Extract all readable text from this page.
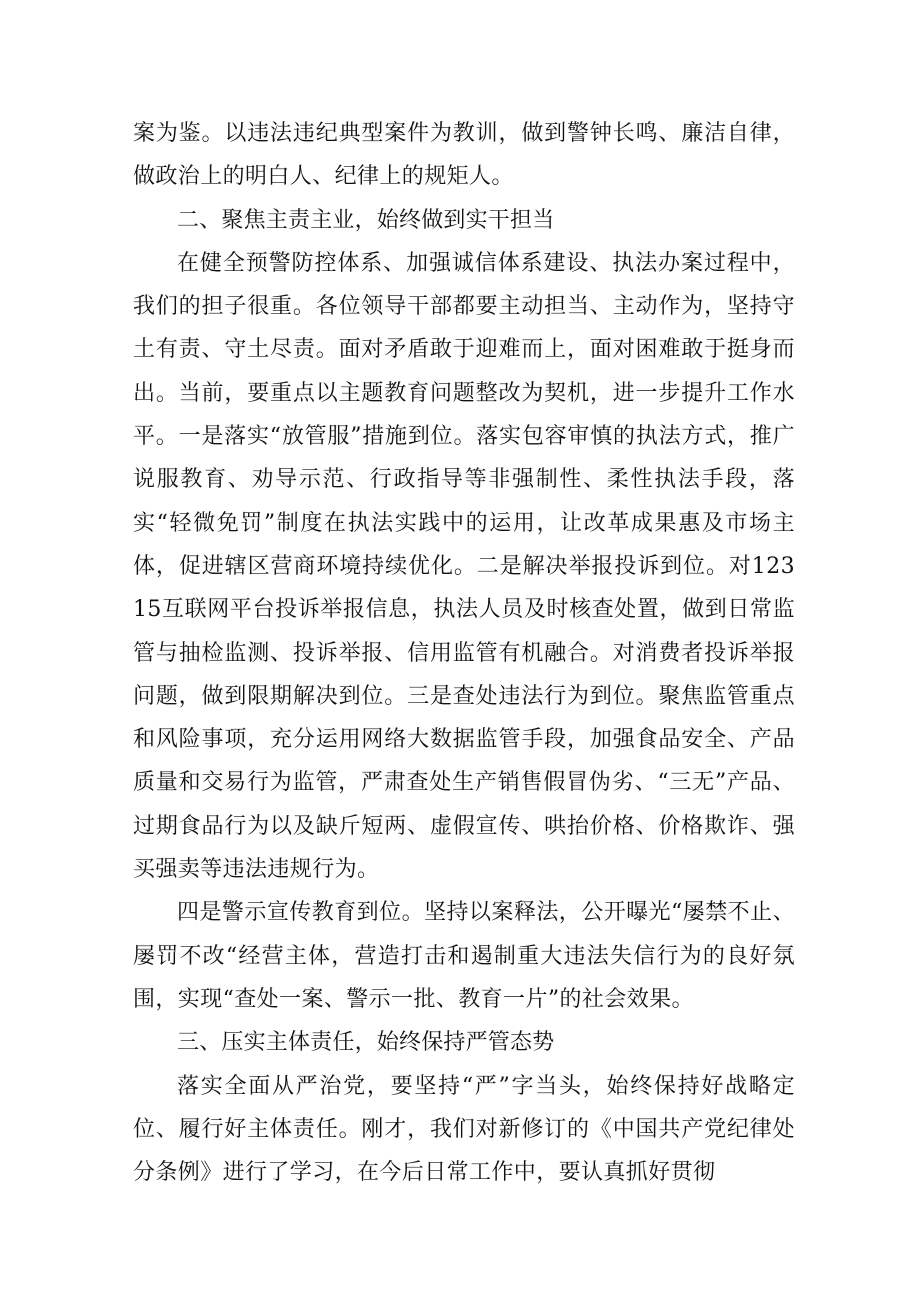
案为鉴。以违法违纪典型案件为教训，做到警钟长鸣、廉洁自律，做政治上的明白人、纪律上的规矩人。

二、聚焦主责主业，始终做到实干担当

在健全预警防控体系、加强诚信体系建设、执法办案过程中，我们的担子很重。各位领导干部都要主动担当、主动作为，坚持守土有责、守土尽责。面对矛盾敢于迎难而上，面对困难敢于挺身而出。当前，要重点以主题教育问题整改为契机，进一步提升工作水平。一是落实“放管服”措施到位。落实包容审慎的执法方式，推广说服教育、劝导示范、行政指导等非强制性、柔性执法手段，落实“轻微免罚”制度在执法实践中的运用，让改革成果惠及市场主体，促进辖区营商环境持续优化。二是解决举报投诉到位。对12315互联网平台投诉举报信息，执法人员及时核查处置，做到日常监管与抽检监测、投诉举报、信用监管有机融合。对消费者投诉举报问题，做到限期解决到位。三是查处违法行为到位。聚焦监管重点和风险事项，充分运用网络大数据监管手段，加强食品安全、产品质量和交易行为监管，严肃查处生产销售假冒伪劣、“三无”产品、过期食品行为以及缺斤短两、虚假宣传、哄抬价格、价格欺诈、强买强卖等违法违规行为。

四是警示宣传教育到位。坚持以案释法，公开曝光“屡禁不止、屡罚不改“经营主体，营造打击和遏制重大违法失信行为的良好氛围，实现“查处一案、警示一批、教育一片”的社会效果。

三、压实主体责任，始终保持严管态势

落实全面从严治党，要坚持“严”字当头，始终保持好战略定位、履行好主体责任。刚才，我们对新修订的《中国共产党纪律处分条例》进行了学习，在今后日常工作中，要认真抓好贯彻
